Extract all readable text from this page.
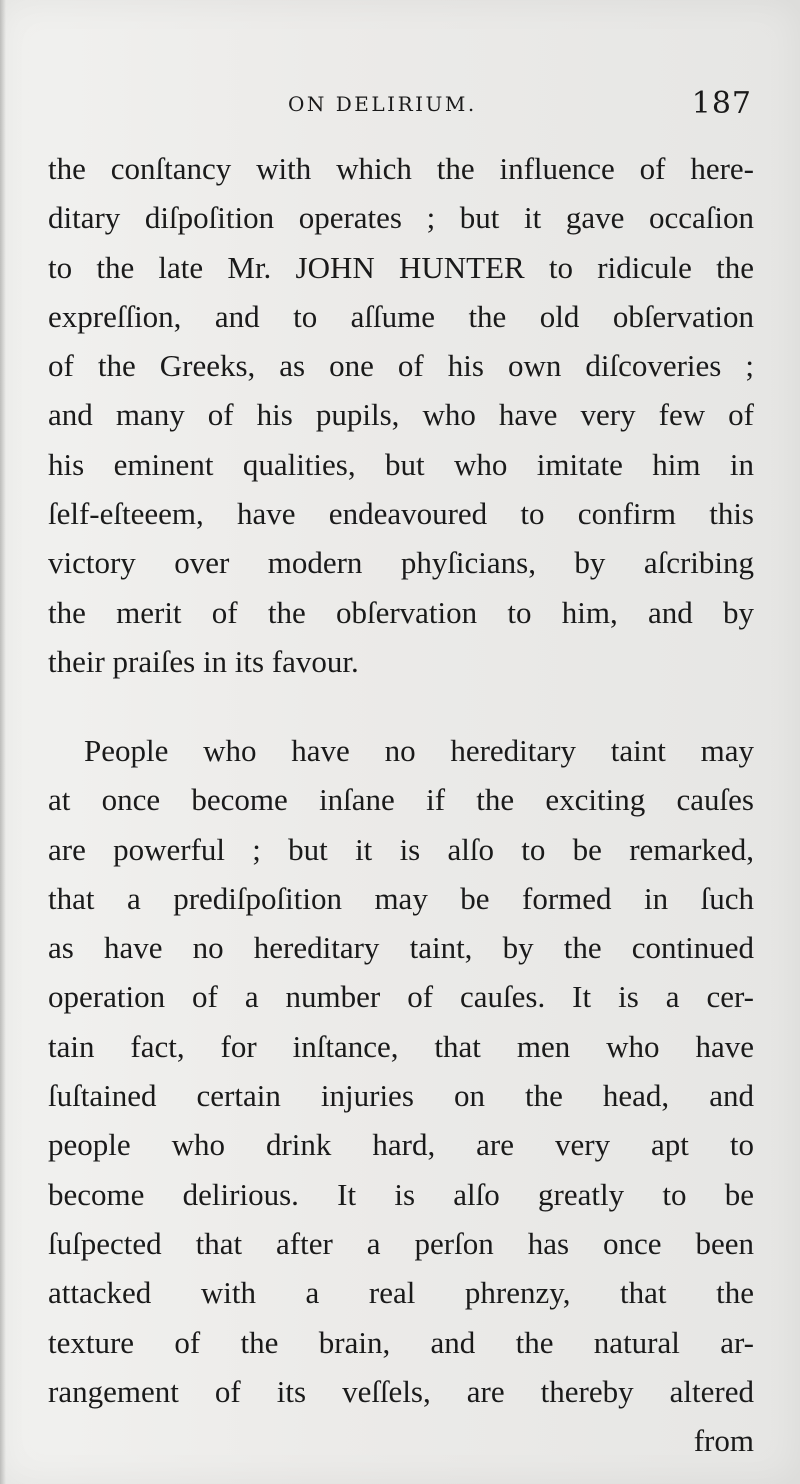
ON DELIRIUM.	187
the conſtancy with which the influence of here-
ditary diſpoſition operates ; but it gave occaſion
to the late Mr. JOHN HUNTER to ridicule the
expreſſion, and to aſſume the old obſervation
of the Greeks, as one of his own diſcoveries ;
and many of his pupils, who have very few of
his eminent qualities, but who imitate him in
ſelf-eſteeem, have endeavoured to confirm this
victory over modern phyſicians, by aſcribing
the merit of the obſervation to him, and by
their praiſes in its favour.
People who have no hereditary taint may
at once become inſane if the exciting cauſes
are powerful ; but it is alſo to be remarked,
that a prediſpoſition may be formed in ſuch
as have no hereditary taint, by the continued
operation of a number of cauſes. It is a cer-
tain fact, for inſtance, that men who have
ſuſtained certain injuries on the head, and
people who drink hard, are very apt to
become delirious. It is alſo greatly to be
ſuſpected that after a perſon has once been
attacked with a real phrenzy, that the
texture of the brain, and the natural ar-
rangement of its veſſels, are thereby altered
from
